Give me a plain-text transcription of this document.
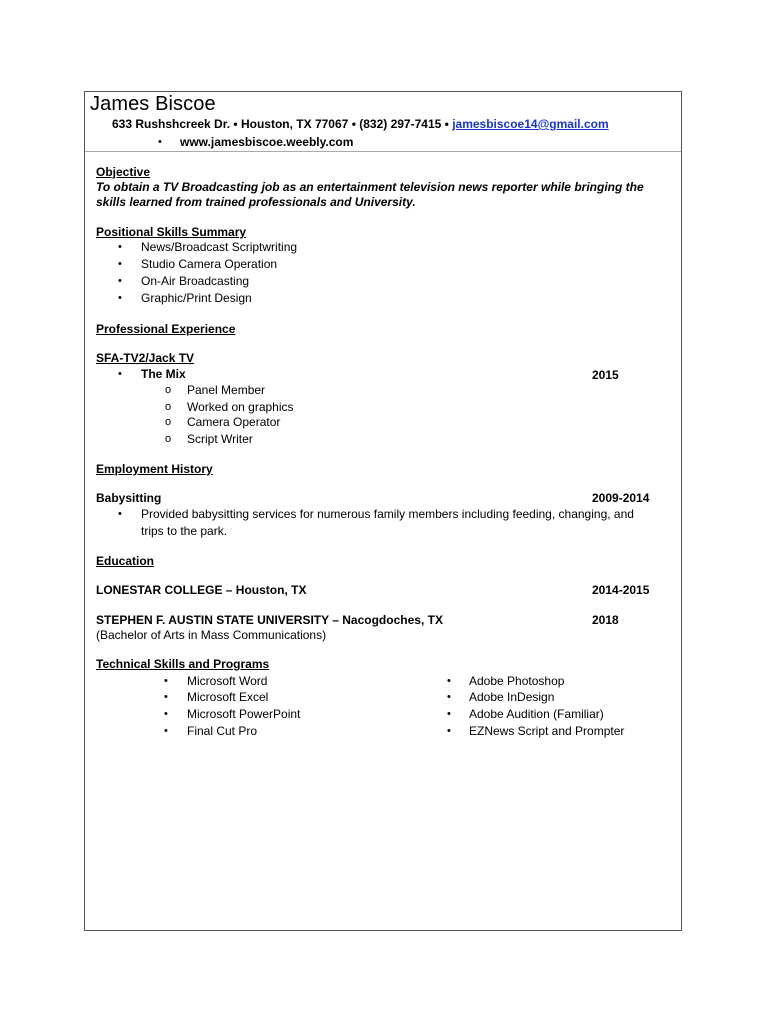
James Biscoe
633 Rushshcreek Dr. • Houston, TX 77067 • (832) 297-7415 • jamesbiscoe14@gmail.com
• www.jamesbiscoe.weebly.com
Objective
To obtain a TV Broadcasting job as an entertainment television news reporter while bringing the
skills learned from trained professionals and University.
Positional Skills Summary
• News/Broadcast Scriptwriting
• Studio Camera Operation
• On-Air Broadcasting
• Graphic/Print Design
Professional Experience
SFA-TV2/Jack TV
• The Mix	2015
o Panel Member
o Worked on graphics
o Camera Operator
o Script Writer
Employment History
Babysitting	2009-2014
• Provided babysitting services for numerous family members including feeding, changing, and
trips to the park.
Education
LONESTAR COLLEGE – Houston, TX	2014-2015
STEPHEN F. AUSTIN STATE UNIVERSITY – Nacogdoches, TX	2018
(Bachelor of Arts in Mass Communications)
Technical Skills and Programs
• Microsoft Word
• Microsoft Excel
• Microsoft PowerPoint
• Final Cut Pro
• Adobe Photoshop
• Adobe InDesign
• Adobe Audition (Familiar)
• EZNews Script and Prompter
